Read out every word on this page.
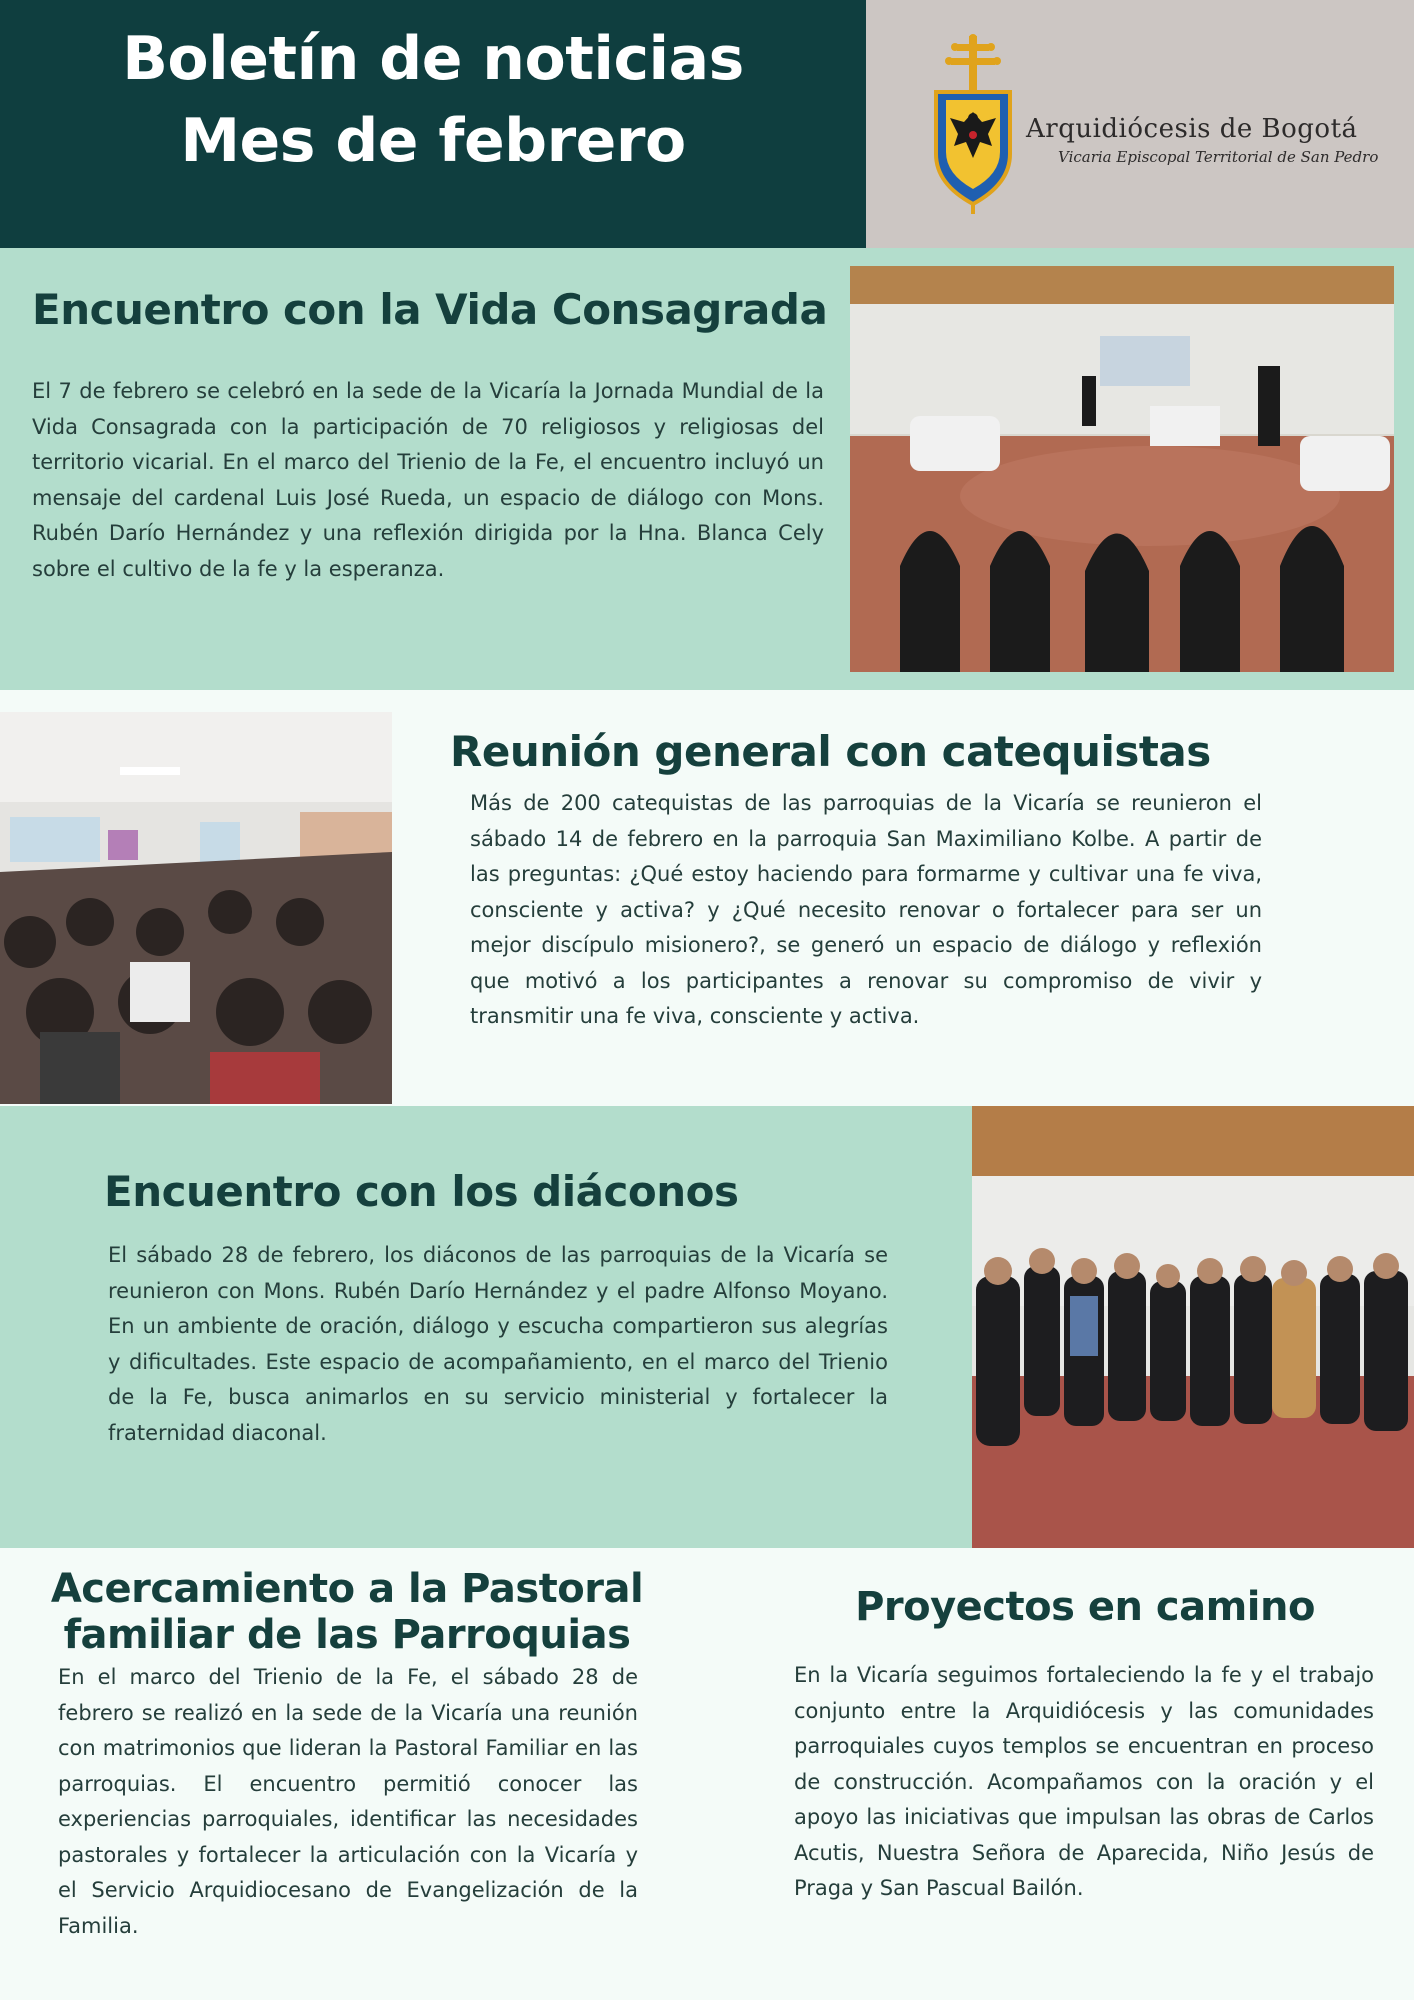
Boletín de noticias
Mes de febrero	Arquidiócesis de Bogotá
Vicaria Episcopal Territorial de San Pedro
Encuentro con la Vida Consagrada

El 7 de febrero se celebró en la sede de la Vicaría la Jornada Mundial de la Vida Consagrada con la participación de 70 religiosos y religiosas del territorio vicarial. En el marco del Trienio de la Fe, el encuentro incluyó un mensaje del cardenal Luis José Rueda, un espacio de diálogo con Mons. Rubén Darío Hernández y una reflexión dirigida por la Hna. Blanca Cely sobre el cultivo de la fe y la esperanza.

Reunión general con catequistas

Más de 200 catequistas de las parroquias de la Vicaría se reunieron el sábado 14 de febrero en la parroquia San Maximiliano Kolbe. A partir de las preguntas: ¿Qué estoy haciendo para formarme y cultivar una fe viva, consciente y activa? y ¿Qué necesito renovar o fortalecer para ser un mejor discípulo misionero?, se generó un espacio de diálogo y reflexión que motivó a los participantes a renovar su compromiso de vivir y transmitir una fe viva, consciente y activa.

Encuentro con los diáconos

El sábado 28 de febrero, los diáconos de las parroquias de la Vicaría se reunieron con Mons. Rubén Darío Hernández y el padre Alfonso Moyano. En un ambiente de oración, diálogo y escucha compartieron sus alegrías y dificultades. Este espacio de acompañamiento, en el marco del Trienio de la Fe, busca animarlos en su servicio ministerial y fortalecer la fraternidad diaconal.

Acercamiento a la Pastoral familiar de las Parroquias

En el marco del Trienio de la Fe, el sábado 28 de febrero se realizó en la sede de la Vicaría una reunión con matrimonios que lideran la Pastoral Familiar en las parroquias. El encuentro permitió conocer las experiencias parroquiales, identificar las necesidades pastorales y fortalecer la articulación con la Vicaría y el Servicio Arquidiocesano de Evangelización de la Familia.

Proyectos en camino

En la Vicaría seguimos fortaleciendo la fe y el trabajo conjunto entre la Arquidiócesis y las comunidades parroquiales cuyos templos se encuentran en proceso de construcción. Acompañamos con la oración y el apoyo las iniciativas que impulsan las obras de Carlos Acutis, Nuestra Señora de Aparecida, Niño Jesús de Praga y San Pascual Bailón.
